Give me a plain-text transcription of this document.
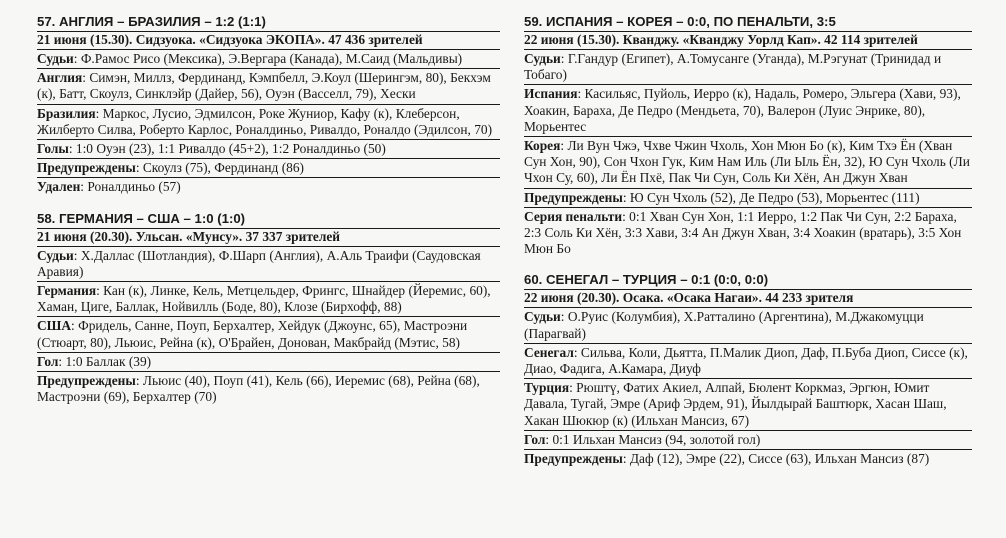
57. АНГЛИЯ – БРАЗИЛИЯ – 1:2 (1:1)
21 июня (15.30). Сидзуока. «Сидзуока ЭКОПА». 47 436 зрителей
Судьи: Ф.Рамос Рисо (Мексика), Э.Вергара (Канада), М.Саид (Мальдивы)
Англия: Симэн, Миллз, Фердинанд, Кэмпбелл, Э.Коул (Шерингэм, 80), Бекхэм (к), Батт, Скоулз, Синклэйр (Дайер, 56), Оуэн (Васселл, 79), Хески
Бразилия: Маркос, Лусио, Эдмилсон, Роке Жуниор, Кафу (к), Клеберсон, Жилберто Силва, Роберто Карлос, Роналдиньо, Ривалдо, Роналдо (Эдилсон, 70)
Голы: 1:0 Оуэн (23), 1:1 Ривалдо (45+2), 1:2 Роналдиньо (50)
Предупреждены: Скоулз (75), Фердинанд (86)
Удален: Роналдиньо (57)
58. ГЕРМАНИЯ – США – 1:0 (1:0)
21 июня (20.30). Ульсан. «Мунсу». 37 337 зрителей
Судьи: Х.Даллас (Шотландия), Ф.Шарп (Англия), А.Аль Траифи (Саудовская Аравия)
Германия: Кан (к), Линке, Кель, Метцельдер, Фрингс, Шнайдер (Йеремис, 60), Хаман, Циге, Баллак, Нойвилль (Боде, 80), Клозе (Бирхофф, 88)
США: Фридель, Санне, Поуп, Берхалтер, Хейдук (Джоунс, 65), Мастроэни (Стюарт, 80), Льюис, Рейна (к), О'Брайен, Донован, Макбрайд (Мэтис, 58)
Гол: 1:0 Баллак (39)
Предупреждены: Льюис (40), Поуп (41), Кель (66), Иеремис (68), Рейна (68), Мастроэни (69), Берхалтер (70)
59. ИСПАНИЯ – КОРЕЯ – 0:0, ПО ПЕНАЛЬТИ, 3:5
22 июня (15.30). Кванджу. «Кванджу Уорлд Кап». 42 114 зрителей
Судьи: Г.Гандур (Египет), А.Томусанге (Уганда), М.Рэгунат (Тринидад и Тобаго)
Испания: Касильяс, Пуйоль, Иерро (к), Надаль, Ромеро, Эльгера (Хави, 93), Хоакин, Бараха, Де Педро (Мендьета, 70), Валерон (Луис Энрике, 80), Морьентес
Корея: Ли Вун Чжэ, Чхве Чжин Чхоль, Хон Мюн Бо (к), Ким Тхэ Ён (Хван Сун Хон, 90), Сон Чхон Гук, Ким Нам Иль (Ли Ыль Ён, 32), Ю Сун Чхоль (Ли Чхон Су, 60), Ли Ён Пхё, Пак Чи Сун, Соль Ки Хён, Ан Джун Хван
Предупреждены: Ю Сун Чхоль (52), Де Педро (53), Морьентес (111)
Серия пенальти: 0:1 Хван Сун Хон, 1:1 Иерро, 1:2 Пак Чи Сун, 2:2 Бараха, 2:3 Соль Ки Хён, 3:3 Хави, 3:4 Ан Джун Хван, 3:4 Хоакин (вратарь), 3:5 Хон Мюн Бо
60. СЕНЕГАЛ – ТУРЦИЯ – 0:1 (0:0, 0:0)
22 июня (20.30). Осака. «Осака Нагаи». 44 233 зрителя
Судьи: О.Руис (Колумбия), Х.Ратталино (Аргентина), М.Джакомуцци (Парагвай)
Сенегал: Сильва, Коли, Дьятта, П.Малик Диоп, Даф, П.Буба Диоп, Сиссе (к), Диао, Фадига, А.Камара, Диуф
Турция: Рюштү, Фатих Акиел, Алпай, Бюлент Коркмаз, Эргюн, Юмит Давала, Тугай, Эмре (Ариф Эрдем, 91), Йылдырай Баштюрк, Хасан Шаш, Хакан Шюкюр (к) (Ильхан Мансиз, 67)
Гол: 0:1 Ильхан Мансиз (94, золотой гол)
Предупреждены: Даф (12), Эмре (22), Сиссе (63), Ильхан Мансиз (87)
